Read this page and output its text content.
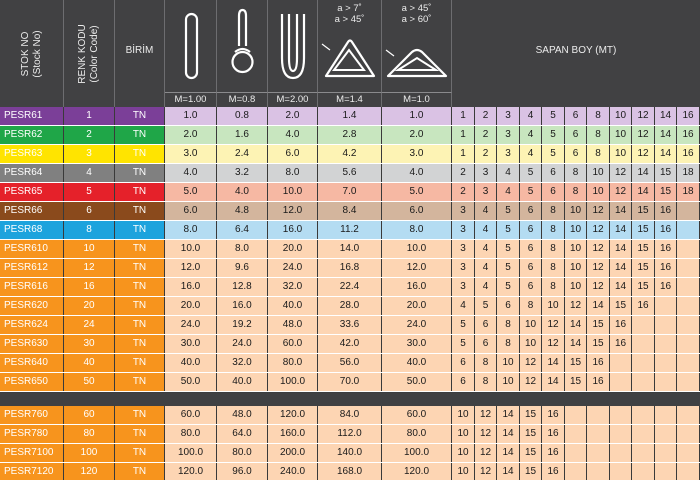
STOK NO (Stock No)	RENK KODU (Color Code)	BİRİM
a > 7˚
a > 45˚
a > 45˚
a > 60˚
M=1.00	M=0.8	M=2.00	M=1.4	M=1.0
SAPAN BOY (MT)
PESR61	1	TN	1.0	0.8	2.0	1.4	1.0	1	2	3	4	5	6	8	10	12	14	16
PESR62	2	TN	2.0	1.6	4.0	2.8	2.0	1	2	3	4	5	6	8	10	12	14	16
PESR63	3	TN	3.0	2.4	6.0	4.2	3.0	1	2	3	4	5	6	8	10	12	14	16
PESR64	4	TN	4.0	3.2	8.0	5.6	4.0	2	3	4	5	6	8	10	12	14	15	18
PESR65	5	TN	5.0	4.0	10.0	7.0	5.0	2	3	4	5	6	8	10	12	14	15	18
PESR66	6	TN	6.0	4.8	12.0	8.4	6.0	3	4	5	6	8	10	12	14	15	16
PESR68	8	TN	8.0	6.4	16.0	11.2	8.0	3	4	5	6	8	10	12	14	15	16
PESR610	10	TN	10.0	8.0	20.0	14.0	10.0	3	4	5	6	8	10	12	14	15	16
PESR612	12	TN	12.0	9.6	24.0	16.8	12.0	3	4	5	6	8	10	12	14	15	16
PESR616	16	TN	16.0	12.8	32.0	22.4	16.0	3	4	5	6	8	10	12	14	15	16
PESR620	20	TN	20.0	16.0	40.0	28.0	20.0	4	5	6	8	10	12	14	15	16
PESR624	24	TN	24.0	19.2	48.0	33.6	24.0	5	6	8	10	12	14	15	16
PESR630	30	TN	30.0	24.0	60.0	42.0	30.0	5	6	8	10	12	14	15	16
PESR640	40	TN	40.0	32.0	80.0	56.0	40.0	6	8	10	12	14	15	16
PESR650	50	TN	50.0	40.0	100.0	70.0	50.0	6	8	10	12	14	15	16
PESR760	60	TN	60.0	48.0	120.0	84.0	60.0	10	12	14	15	16
PESR780	80	TN	80.0	64.0	160.0	112.0	80.0	10	12	14	15	16
PESR7100	100	TN	100.0	80.0	200.0	140.0	100.0	10	12	14	15	16
PESR7120	120	TN	120.0	96.0	240.0	168.0	120.0	10	12	14	15	16
